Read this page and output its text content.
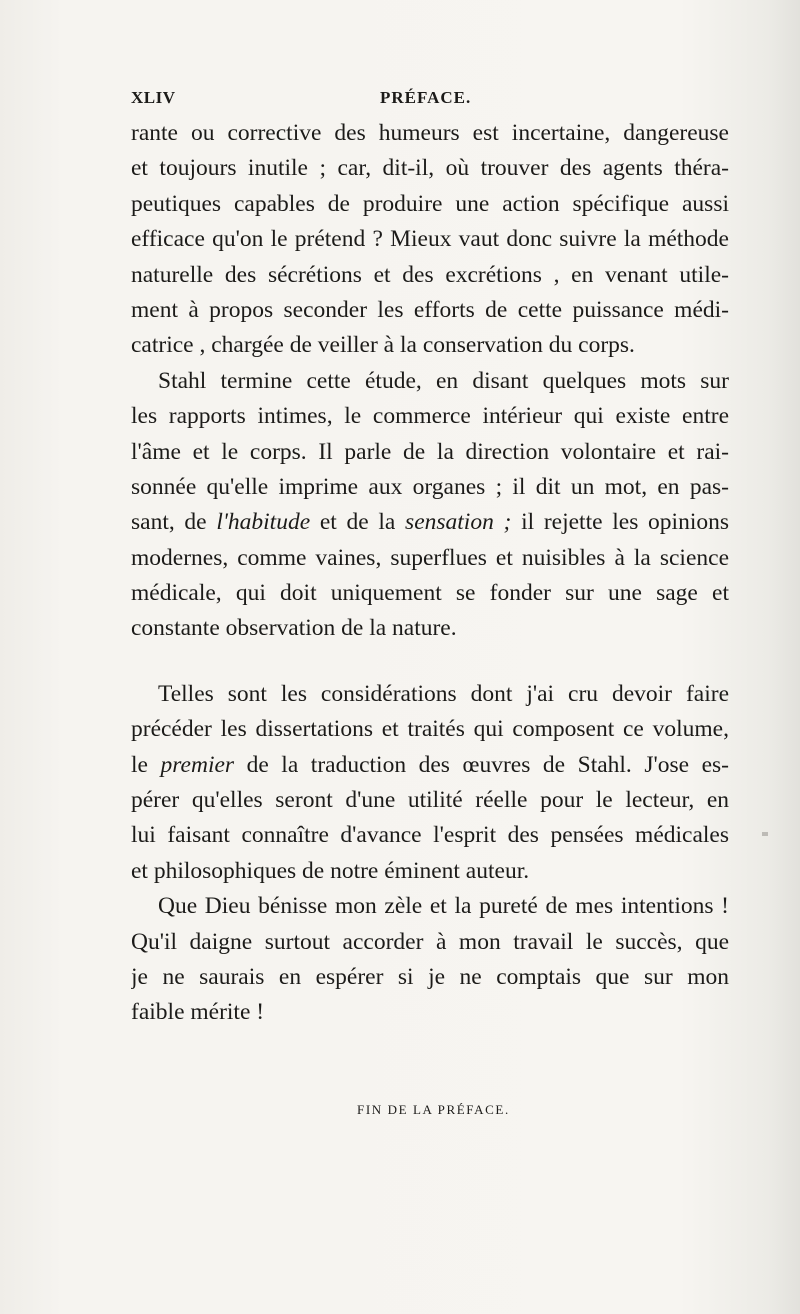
XLIV	PRÉFACE.
rante ou corrective des humeurs est incertaine, dangereuse
et toujours inutile ; car, dit-il, où trouver des agents théra-
peutiques capables de produire une action spécifique aussi
efficace qu'on le prétend ? Mieux vaut donc suivre la méthode
naturelle des sécrétions et des excrétions , en venant utile-
ment à propos seconder les efforts de cette puissance médi-
catrice , chargée de veiller à la conservation du corps.
Stahl termine cette étude, en disant quelques mots sur
les rapports intimes, le commerce intérieur qui existe entre
l'âme et le corps. Il parle de la direction volontaire et rai-
sonnée qu'elle imprime aux organes ; il dit un mot, en pas-
sant, de l'habitude et de la sensation ; il rejette les opinions
modernes, comme vaines, superflues et nuisibles à la science
médicale, qui doit uniquement se fonder sur une sage et
constante observation de la nature.
Telles sont les considérations dont j'ai cru devoir faire
précéder les dissertations et traités qui composent ce volume,
le premier de la traduction des œuvres de Stahl. J'ose es-
pérer qu'elles seront d'une utilité réelle pour le lecteur, en
lui faisant connaître d'avance l'esprit des pensées médicales
et philosophiques de notre éminent auteur.
Que Dieu bénisse mon zèle et la pureté de mes intentions !
Qu'il daigne surtout accorder à mon travail le succès, que
je ne saurais en espérer si je ne comptais que sur mon
faible mérite !
FIN DE LA PRÉFACE.
